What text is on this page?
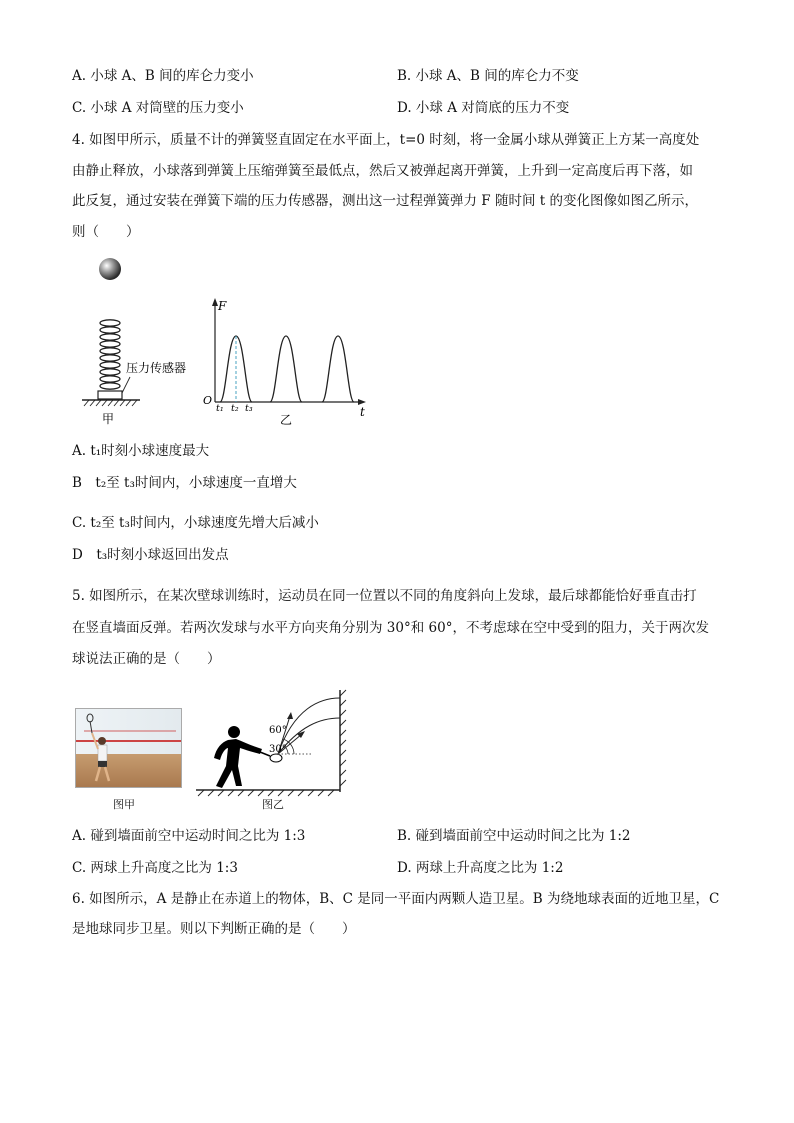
A. 小球 A、B 间的库仑力变小	B. 小球 A、B 间的库仑力不变
C. 小球 A 对筒壁的压力变小	D. 小球 A 对筒底的压力不变
4. 如图甲所示，质量不计的弹簧竖直固定在水平面上，t=0 时刻，将一金属小球从弹簧正上方某一高度处
由静止释放，小球落到弹簧上压缩弹簧至最低点，然后又被弹起离开弹簧，上升到一定高度后再下落，如
此反复，通过安装在弹簧下端的压力传感器，测出这一过程弹簧弹力 F 随时间 t 的变化图像如图乙所示，
则（　　）
压力传感器
甲
F
t
O
t₁ t₂ t₃
乙
A. t₁时刻小球速度最大
B　t₂至 t₃时间内，小球速度一直增大
C. t₂至 t₃时间内，小球速度先增大后减小
D　t₃时刻小球返回出发点
5. 如图所示，在某次壁球训练时，运动员在同一位置以不同的角度斜向上发球，最后球都能恰好垂直击打
在竖直墙面反弹。若两次发球与水平方向夹角分别为 30°和 60°，不考虑球在空中受到的阻力，关于两次发
球说法正确的是（　　）
图甲
60°
30°
图乙
A. 碰到墙面前空中运动时间之比为 1:3	B. 碰到墙面前空中运动时间之比为 1:2
C. 两球上升高度之比为 1:3	D. 两球上升高度之比为 1:2
6. 如图所示，A 是静止在赤道上的物体，B、C 是同一平面内两颗人造卫星。B 为绕地球表面的近地卫星，C
是地球同步卫星。则以下判断正确的是（　　）
